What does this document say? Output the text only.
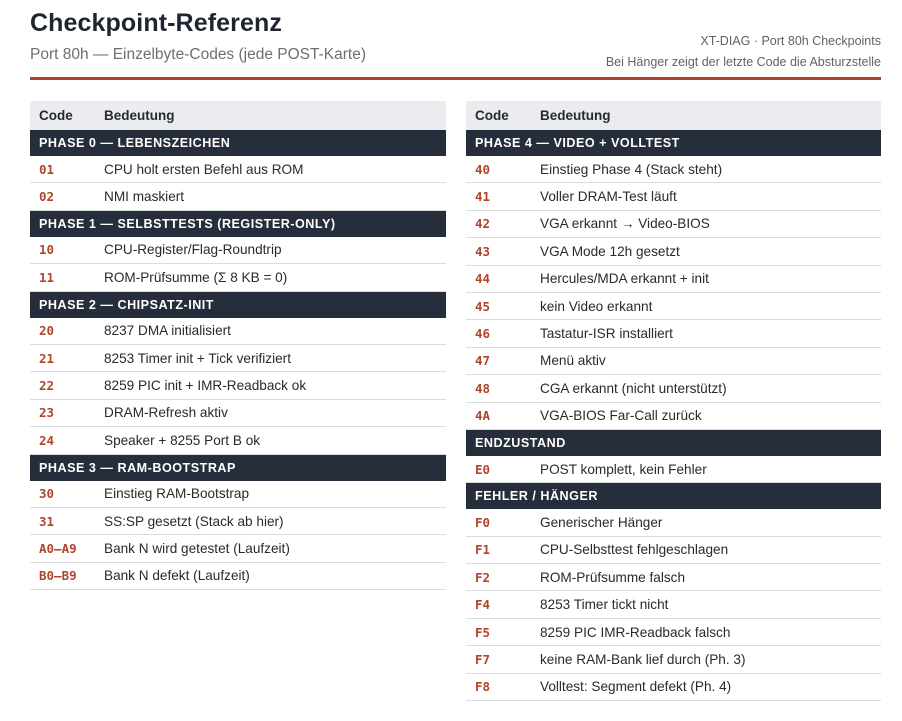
Checkpoint-Referenz
Port 80h — Einzelbyte-Codes (jede POST-Karte)
XT-DIAG · Port 80h Checkpoints
Bei Hänger zeigt der letzte Code die Absturzstelle
Code	Bedeutung
PHASE 0 — LEBENSZEICHEN
01	CPU holt ersten Befehl aus ROM
02	NMI maskiert
PHASE 1 — SELBSTTESTS (REGISTER-ONLY)
10	CPU-Register/Flag-Roundtrip
11	ROM-Prüfsumme (Σ 8 KB = 0)
PHASE 2 — CHIPSATZ-INIT
20	8237 DMA initialisiert
21	8253 Timer init + Tick verifiziert
22	8259 PIC init + IMR-Readback ok
23	DRAM-Refresh aktiv
24	Speaker + 8255 Port B ok
PHASE 3 — RAM-BOOTSTRAP
30	Einstieg RAM-Bootstrap
31	SS:SP gesetzt (Stack ab hier)
A0–A9	Bank N wird getestet (Laufzeit)
B0–B9	Bank N defekt (Laufzeit)
Code	Bedeutung
PHASE 4 — VIDEO + VOLLTEST
40	Einstieg Phase 4 (Stack steht)
41	Voller DRAM-Test läuft
42	VGA erkannt → Video-BIOS
43	VGA Mode 12h gesetzt
44	Hercules/MDA erkannt + init
45	kein Video erkannt
46	Tastatur-ISR installiert
47	Menü aktiv
48	CGA erkannt (nicht unterstützt)
4A	VGA-BIOS Far-Call zurück
ENDZUSTAND
E0	POST komplett, kein Fehler
FEHLER / HÄNGER
F0	Generischer Hänger
F1	CPU-Selbsttest fehlgeschlagen
F2	ROM-Prüfsumme falsch
F4	8253 Timer tickt nicht
F5	8259 PIC IMR-Readback falsch
F7	keine RAM-Bank lief durch (Ph. 3)
F8	Volltest: Segment defekt (Ph. 4)
